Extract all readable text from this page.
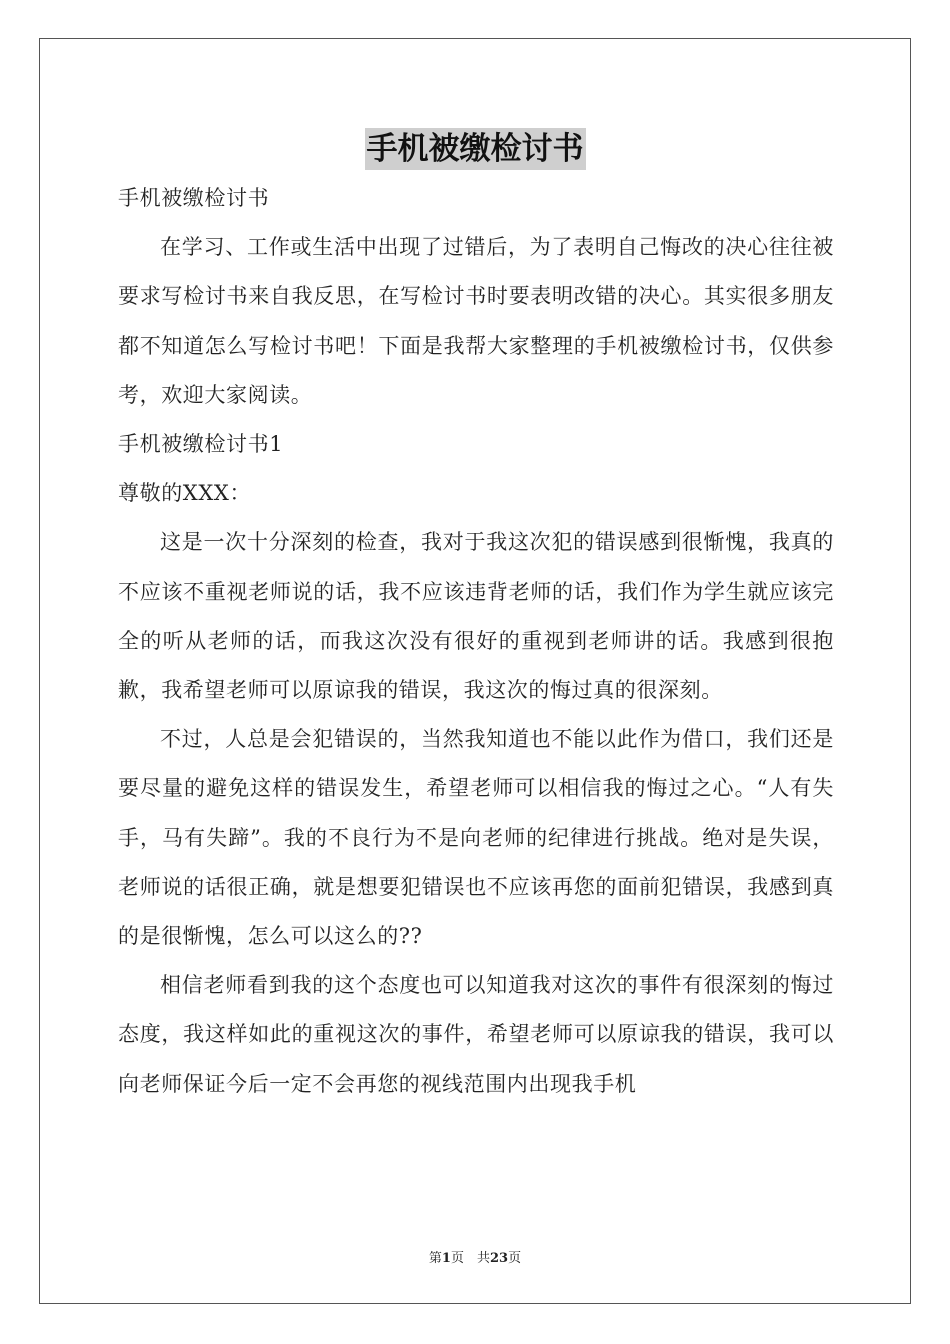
手机被缴检讨书

手机被缴检讨书

在学习、工作或生活中出现了过错后，为了表明自己悔改的决心往往被要求写检讨书来自我反思，在写检讨书时要表明改错的决心。其实很多朋友都不知道怎么写检讨书吧！下面是我帮大家整理的手机被缴检讨书，仅供参考，欢迎大家阅读。

手机被缴检讨书1

尊敬的XXX：

这是一次十分深刻的检查，我对于我这次犯的错误感到很惭愧，我真的不应该不重视老师说的话，我不应该违背老师的话，我们作为学生就应该完全的听从老师的话，而我这次没有很好的重视到老师讲的话。我感到很抱歉，我希望老师可以原谅我的错误，我这次的悔过真的很深刻。

不过，人总是会犯错误的，当然我知道也不能以此作为借口，我们还是要尽量的避免这样的错误发生，希望老师可以相信我的悔过之心。“人有失手，马有失蹄”。我的不良行为不是向老师的纪律进行挑战。绝对是失误，老师说的话很正确，就是想要犯错误也不应该再您的面前犯错误，我感到真的是很惭愧，怎么可以这么的??

相信老师看到我的这个态度也可以知道我对这次的事件有很深刻的悔过态度，我这样如此的重视这次的事件，希望老师可以原谅我的错误，我可以向老师保证今后一定不会再您的视线范围内出现我手机

第1页　共23页
